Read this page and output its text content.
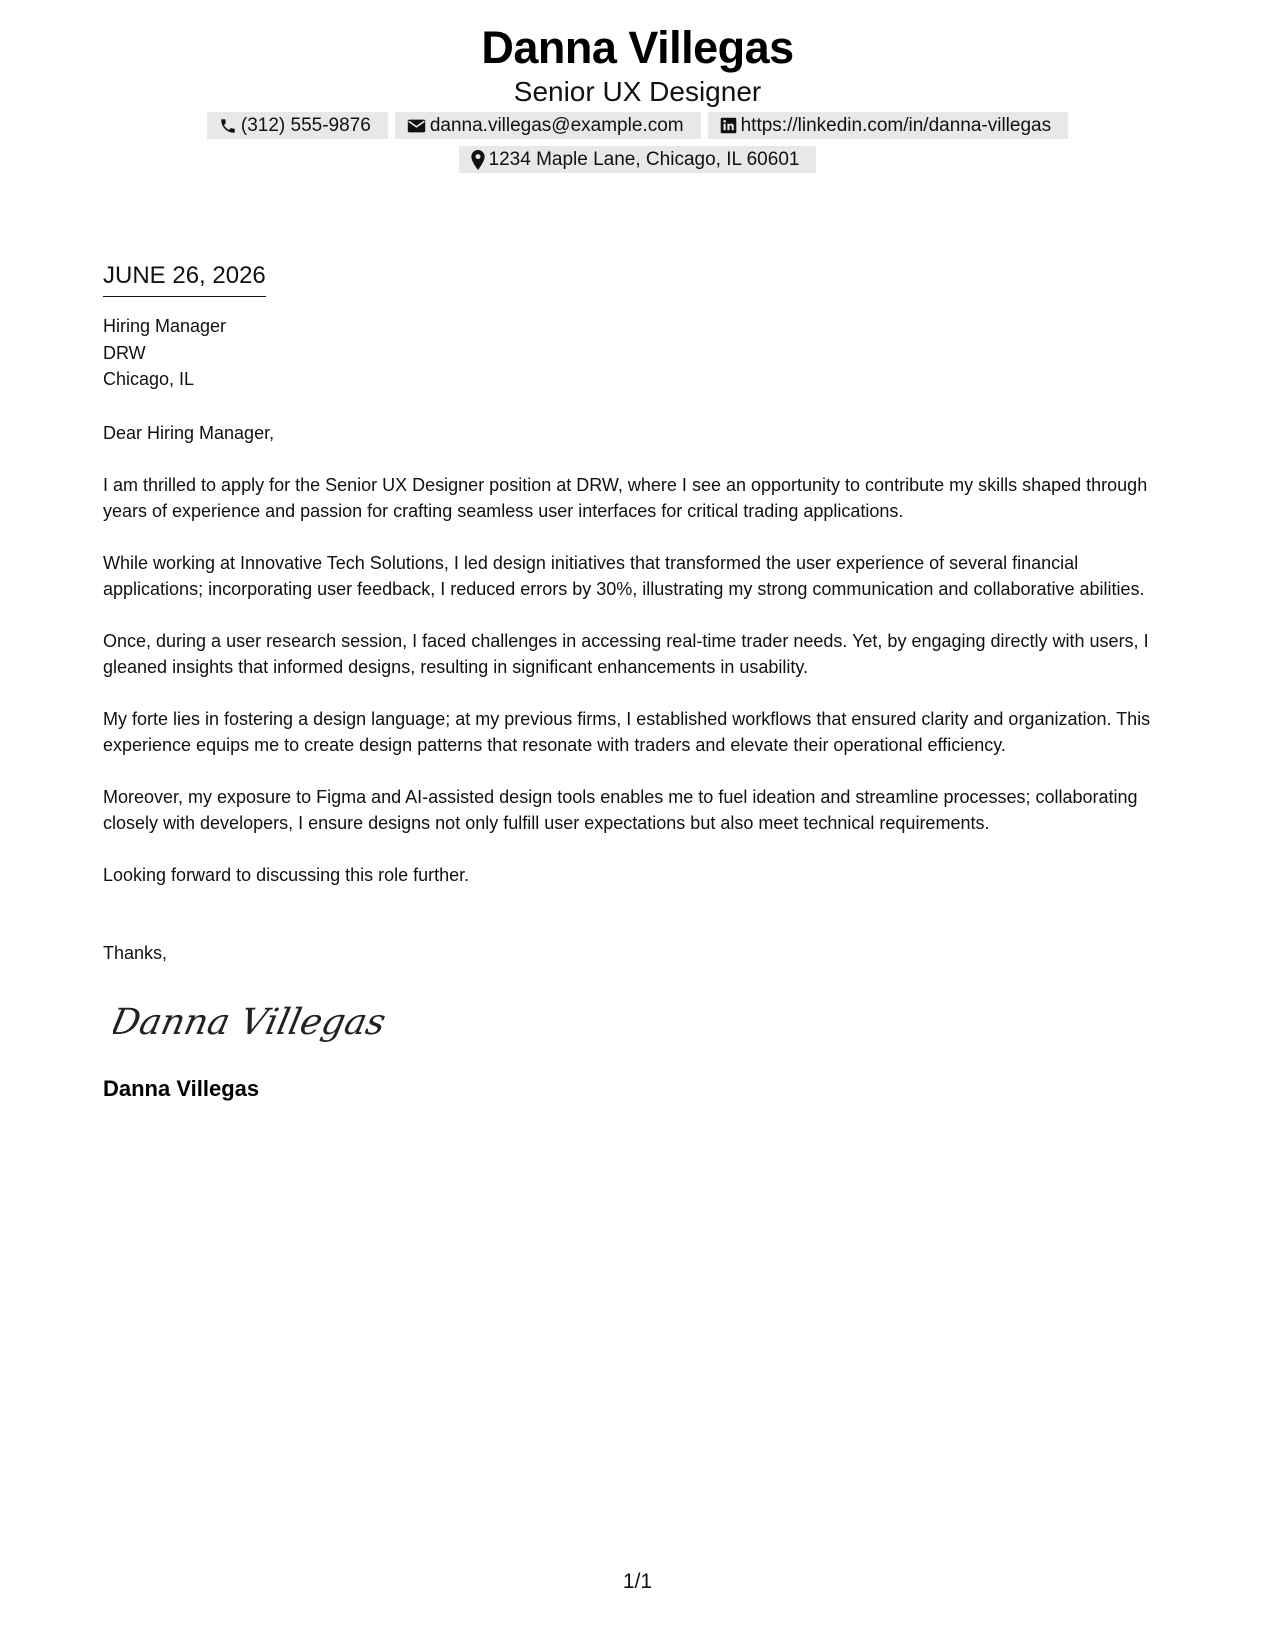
Danna Villegas
Senior UX Designer
(312) 555-9876	danna.villegas@example.com	https://linkedin.com/in/danna-villegas
1234 Maple Lane, Chicago, IL 60601
JUNE 26, 2026
Hiring Manager
DRW
Chicago, IL
Dear Hiring Manager,
I am thrilled to apply for the Senior UX Designer position at DRW, where I see an opportunity to contribute my skills shaped through years of experience and passion for crafting seamless user interfaces for critical trading applications.
While working at Innovative Tech Solutions, I led design initiatives that transformed the user experience of several financial applications; incorporating user feedback, I reduced errors by 30%, illustrating my strong communication and collaborative abilities.
Once, during a user research session, I faced challenges in accessing real-time trader needs. Yet, by engaging directly with users, I gleaned insights that informed designs, resulting in significant enhancements in usability.
My forte lies in fostering a design language; at my previous firms, I established workflows that ensured clarity and organization. This experience equips me to create design patterns that resonate with traders and elevate their operational efficiency.
Moreover, my exposure to Figma and AI-assisted design tools enables me to fuel ideation and streamline processes; collaborating closely with developers, I ensure designs not only fulfill user expectations but also meet technical requirements.
Looking forward to discussing this role further.
Thanks,
Danna Villegas
Danna Villegas
1/1
